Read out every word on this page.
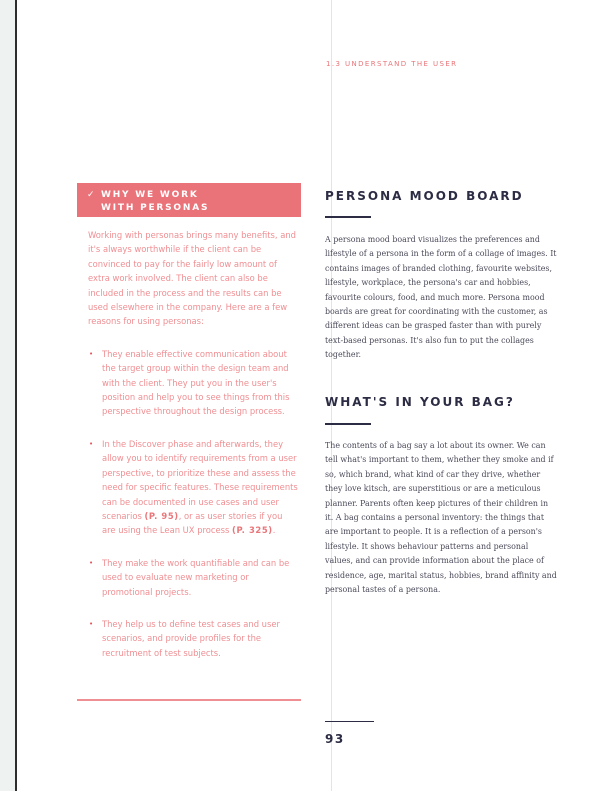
1.3 UNDERSTAND THE USER
✓ WHY WE WORK
WITH PERSONAS

Working with personas brings many benefits, and it's always worthwhile if the client can be convinced to pay for the fairly low amount of extra work involved. The client can also be included in the process and the results can be used elsewhere in the company. Here are a few reasons for using personas:

• They enable effective communication about the target group within the design team and with the client. They put you in the user's position and help you to see things from this perspective throughout the design process.
• In the Discover phase and afterwards, they allow you to identify requirements from a user perspective, to prioritize these and assess the need for specific features. These requirements can be documented in use cases and user scenarios (P. 95), or as user stories if you are using the Lean UX process (P. 325).
• They make the work quantifiable and can be used to evaluate new marketing or promotional projects.
• They help us to define test cases and user scenarios, and provide profiles for the recruitment of test subjects.
PERSONA MOOD BOARD

A persona mood board visualizes the preferences and lifestyle of a persona in the form of a collage of images. It contains images of branded clothing, favourite websites, lifestyle, workplace, the persona's car and hobbies, favourite colours, food, and much more. Persona mood boards are great for coordinating with the customer, as different ideas can be grasped faster than with purely text-based personas. It's also fun to put the collages together.

WHAT'S IN YOUR BAG?

The contents of a bag say a lot about its owner. We can tell what's important to them, whether they smoke and if so, which brand, what kind of car they drive, whether they love kitsch, are superstitious or are a meticulous planner. Parents often keep pictures of their children in it. A bag contains a personal inventory: the things that are important to people. It is a reflection of a person's lifestyle. It shows behaviour patterns and personal values, and can provide information about the place of residence, age, marital status, hobbies, brand affinity and personal tastes of a persona.

93
